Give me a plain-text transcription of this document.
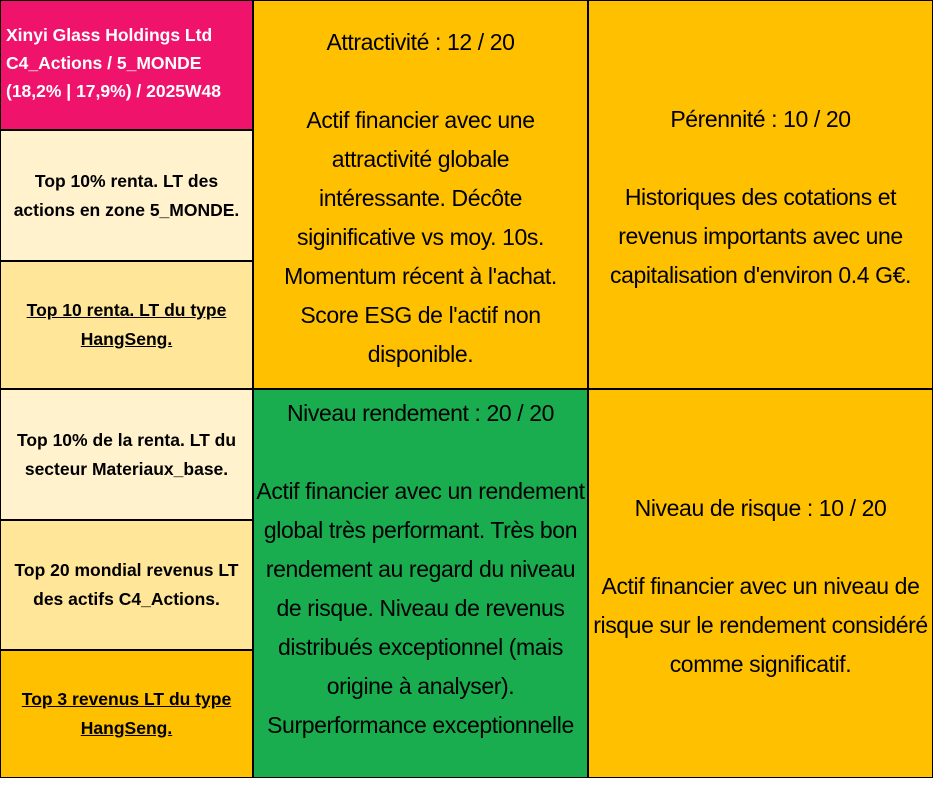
Xinyi Glass Holdings Ltd
C4_Actions / 5_MONDE
(18,2% | 17,9%) / 2025W48
Top 10% renta. LT des actions en zone 5_MONDE.
Top 10 renta. LT du type HangSeng.
Top 10% de la renta. LT du secteur Materiaux_base.
Top 20 mondial revenus LT des actifs C4_Actions.
Top 3 revenus LT du type HangSeng.
Attractivité : 12 / 20
Actif financier avec une attractivité globale intéressante. Décôte siginificative vs moy. 10s. Momentum récent à l'achat. Score ESG de l'actif non disponible.
Pérennité : 10 / 20
Historiques des cotations et revenus importants avec une capitalisation d'environ 0.4 G€.
Niveau rendement : 20 / 20
Actif financier avec un rendement global très performant. Très bon rendement au regard du niveau de risque. Niveau de revenus distribués exceptionnel (mais origine à analyser). Surperformance exceptionnelle
Niveau de risque : 10 / 20
Actif financier avec un niveau de risque sur le rendement considéré comme significatif.
